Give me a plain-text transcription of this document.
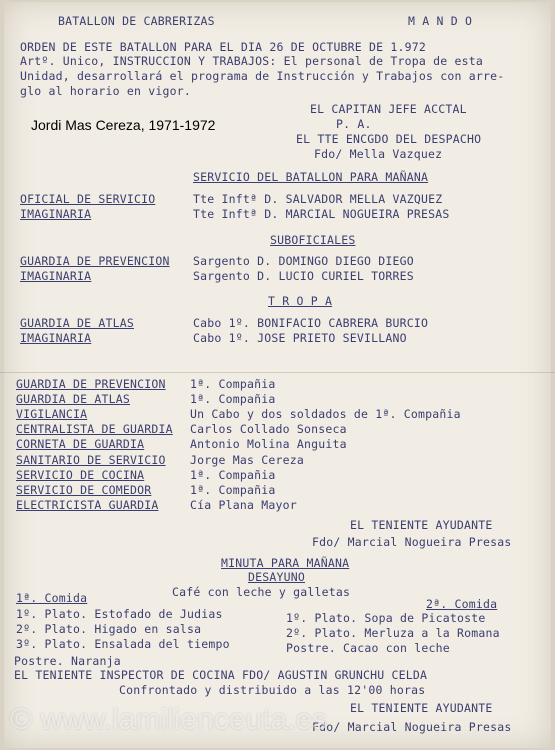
BATALLON DE CABRERIZAS	M A N D O
ORDEN DE ESTE BATALLON PARA EL DIA 26 DE OCTUBRE DE 1.972
Artº. Unico, INSTRUCCION Y TRABAJOS: El personal de Tropa de esta
Unidad, desarrollará el programa de Instrucción y Trabajos con arre-
glo al horario en vigor.
EL CAPITAN JEFE ACCTAL
P. A.
EL TTE ENCGDO DEL DESPACHO
Fdo/ Mella Vazquez
Jordi Mas Cereza, 1971-1972
SERVICIO DEL BATALLON PARA MAÑANA
OFICIAL DE SERVICIO	Tte Inftª D. SALVADOR MELLA VAZQUEZ
IMAGINARIA	Tte Inftª D. MARCIAL NOGUEIRA PRESAS
SUBOFICIALES
GUARDIA DE PREVENCION Sargento D. DOMINGO DIEGO DIEGO
IMAGINARIA	Sargento D. LUCIO CURIEL TORRES
T R O P A
GUARDIA DE ATLAS	Cabo 1º. BONIFACIO CABRERA BURCIO
IMAGINARIA	Cabo 1º. JOSE PRIETO SEVILLANO
GUARDIA DE PREVENCION 1ª. Compañia
GUARDIA DE ATLAS	1ª. Compañia
VIGILANCIA	Un Cabo y dos soldados de 1ª. Compañia
CENTRALISTA DE GUARDIA Carlos Collado Sonseca
CORNETA DE GUARDIA	Antonio Molina Anguita
SANITARIO DE SERVICIO Jorge Mas Cereza
SERVICIO DE COCINA	1ª. Compañia
SERVICIO DE COMEDOR	1ª. Compañia
ELECTRICISTA GUARDIA	Cía Plana Mayor
EL TENIENTE AYUDANTE
Fdo/ Marcial Nogueira Presas
MINUTA PARA MAÑANA
DESAYUNO
Café con leche y galletas
1ª. Comida	2ª. Comida
1º. Plato. Estofado de Judias
2º. Plato. Higado en salsa
3º. Plato. Ensalada del tiempo
Postre. Naranja
1º. Plato. Sopa de Picatoste
2º. Plato. Merluza a la Romana
Postre. Cacao con leche
EL TENIENTE INSPECTOR DE COCINA FDO/ AGUSTIN GRUNCHU CELDA
Confrontado y distribuido a las 12'00 horas
EL TENIENTE AYUDANTE
Fdo/ Marcial Nogueira Presas
© www.lamilienceuta.es
